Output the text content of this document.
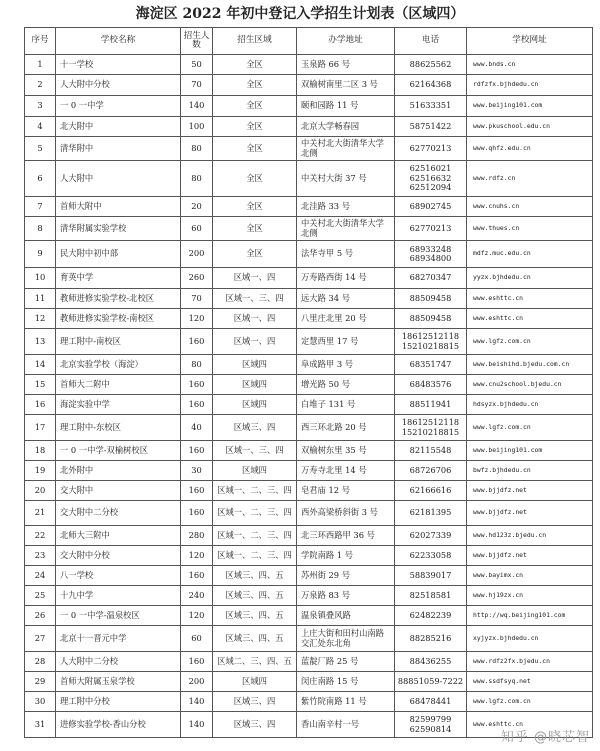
海淀区 2022 年初中登记入学招生计划表（区域四）
序号	学校名称	招生人数	招生区域	办学地址	电话	学校网址
1	十一学校	50	全区	玉泉路 66 号	88625562	www.bnds.cn
2	人大附中分校	70	全区	双榆树南里二区 3 号	62164368	rdfzfx.bjhdedu.cn
3	一 0 一中学	140	全区	颐和园路 11 号	51633351	www.beijing101.com
4	北大附中	100	全区	北京大学畅春园	58751422	www.pkuschool.edu.cn
5	清华附中	80	全区	中关村北大街清华大学北侧	62770213	www.qhfz.edu.cn
6	人大附中	80	全区	中关村大街 37 号	62516021
62516632
62512094	www.rdfz.cn
7	首师大附中	20	全区	北洼路 33 号	68902745	www.cnuhs.cn
8	清华附属实验学校	60	全区	中关村北大街清华大学北侧	62770213	www.thues.cn
9	民大附中初中部	200	全区	法华寺甲 5 号	68933248
68934800	mdfz.muc.edu.cn
10	育英中学	260	区域一、四	万寿路西街 14 号	68270347	yyzx.bjhdedu.cn
11	教师进修实验学校-北校区	70	区域一、三、四	远大路 34 号	88509458	www.eshttc.cn
12	教师进修实验学校-南校区	120	区域一、四	八里庄北里 20 号	88509458	www.eshttc.cn
13	理工附中-南校区	160	区域一、四	定慧西里 17 号	18612512118
15210218815	www.lgfz.com.cn
14	北京实验学校（海淀）	80	区域四	阜成路甲 3 号	68351747	www.beishihd.bjedu.com.cn
15	首师大二附中	160	区域四	增光路 50 号	68483576	www.cnu2school.bjedu.cn
16	海淀实验中学	160	区域四	白堆子 131 号	88511941	hdsyzx.bjhdedu.cn
17	理工附中-东校区	40	区域三、四	西三环北路 20 号	18612512118
15210218815	www.lgfz.com.cn
18	一 0 一中学-双榆树校区	160	区域一、三、四	双榆树东里 35 号	82115548	www.beijing101.com
19	北外附中	30	区域四	万寿寺北里 14 号	68726706	bwfz.bjhdedu.cn
20	交大附中	160	区域一、二、三、四	皂君庙 12 号	62166616	www.bjjdfz.net
21	交大附中二分校	160	区域一、二、三、四	西外高梁桥斜街 3 号	62181395	www.bjjdfz.net
22	北师大三附中	280	区域一、二、三、四	北三环西路甲 36 号	62027339	www.hd123z.bjedu.cn
23	交大附中分校	120	区域一、二、三、四	学院南路 1 号	62233058	www.bjjdfz.net
24	八一学校	160	区域三、四、五	苏州街 29 号	58839017	www.bayimx.cn
25	十九中学	240	区域三、四、五	万泉路 83 号	82518581	www.hj19zx.cn
26	一 0 一中学-温泉校区	120	区域三、四、五	温泉镇叠风路	62482239	http://wq.beijing101.com
27	北京十一晋元中学	60	区域三、四、五	上庄大街和田村山南路交汇处东北角	88285216	xyjyzx.bjhdedu.cn
28	人大附中二分校	160	区域二、三、四、五	蓝靛厂路 25 号	88436255	www.rdfz2fx.bjedu.cn
29	首师大附属玉泉学校	200	区域四	闵庄南路 15 号	88851059-7222	www.ssdfsyq.net
30	理工附中分校	140	区域三、四	紫竹院南路 11 号	68478441	www.lgfz.com.cn
31	进修实验学校-香山分校	140	区域三、四	香山南辛村一号	82599799
62590814	www.eshttc.cn
知乎 @晓芯智
